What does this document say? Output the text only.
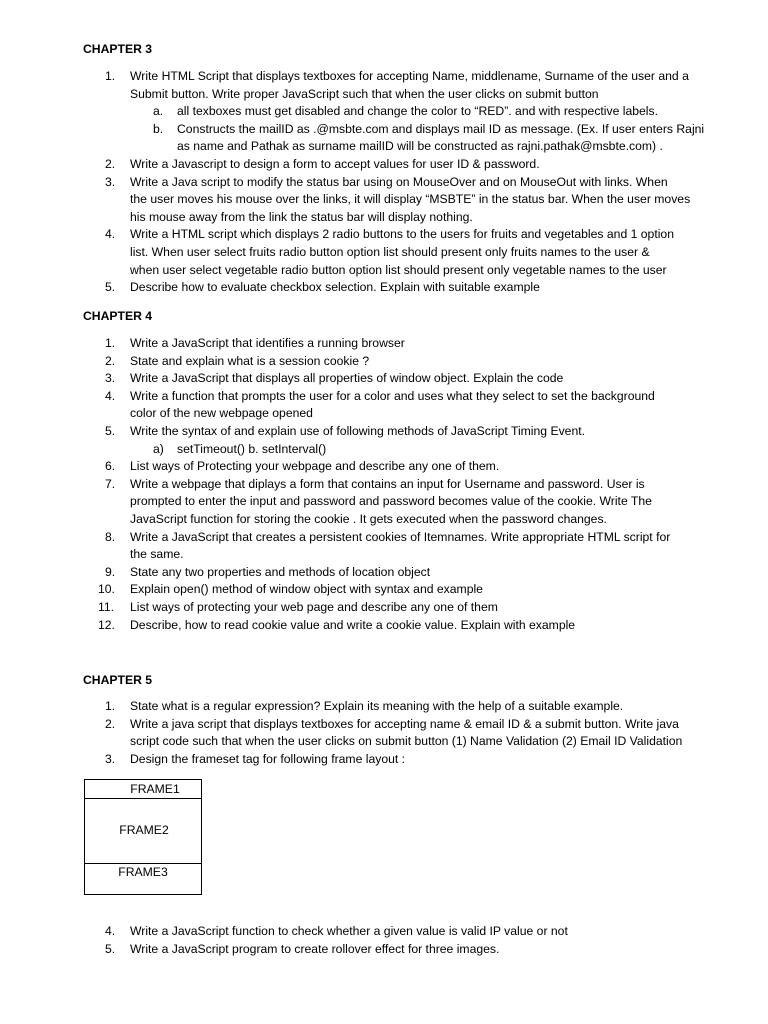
CHAPTER 3
1. Write HTML Script that displays textboxes for accepting Name, middlename, Surname of the user and a
Submit button. Write proper JavaScript such that when the user clicks on submit button
a. all texboxes must get disabled and change the color to “RED”. and with respective labels.
b. Constructs the mailID as .@msbte.com and displays mail ID as message. (Ex. If user enters Rajni
as name and Pathak as surname mailID will be constructed as rajni.pathak@msbte.com) .
2. Write a Javascript to design a form to accept values for user ID & password.
3. Write a Java script to modify the status bar using on MouseOver and on MouseOut with links. When
the user moves his mouse over the links, it will display “MSBTE” in the status bar. When the user moves
his mouse away from the link the status bar will display nothing.
4. Write a HTML script which displays 2 radio buttons to the users for fruits and vegetables and 1 option
list. When user select fruits radio button option list should present only fruits names to the user &
when user select vegetable radio button option list should present only vegetable names to the user
5. Describe how to evaluate checkbox selection. Explain with suitable example
CHAPTER 4
1. Write a JavaScript that identifies a running browser
2. State and explain what is a session cookie ?
3. Write a JavaScript that displays all properties of window object. Explain the code
4. Write a function that prompts the user for a color and uses what they select to set the background
color of the new webpage opened
5. Write the syntax of and explain use of following methods of JavaScript Timing Event.
a) setTimeout() b. setInterval()
6. List ways of Protecting your webpage and describe any one of them.
7. Write a webpage that diplays a form that contains an input for Username and password. User is
prompted to enter the input and password and password becomes value of the cookie. Write The
JavaScript function for storing the cookie . It gets executed when the password changes.
8. Write a JavaScript that creates a persistent cookies of Itemnames. Write appropriate HTML script for
the same.
9. State any two properties and methods of location object
10. Explain open() method of window object with syntax and example
11. List ways of protecting your web page and describe any one of them
12. Describe, how to read cookie value and write a cookie value. Explain with example
CHAPTER 5
1. State what is a regular expression? Explain its meaning with the help of a suitable example.
2. Write a java script that displays textboxes for accepting name & email ID & a submit button. Write java
script code such that when the user clicks on submit button (1) Name Validation (2) Email ID Validation
3. Design the frameset tag for following frame layout :
FRAME1
FRAME2
FRAME3
4. Write a JavaScript function to check whether a given value is valid IP value or not
5. Write a JavaScript program to create rollover effect for three images.
